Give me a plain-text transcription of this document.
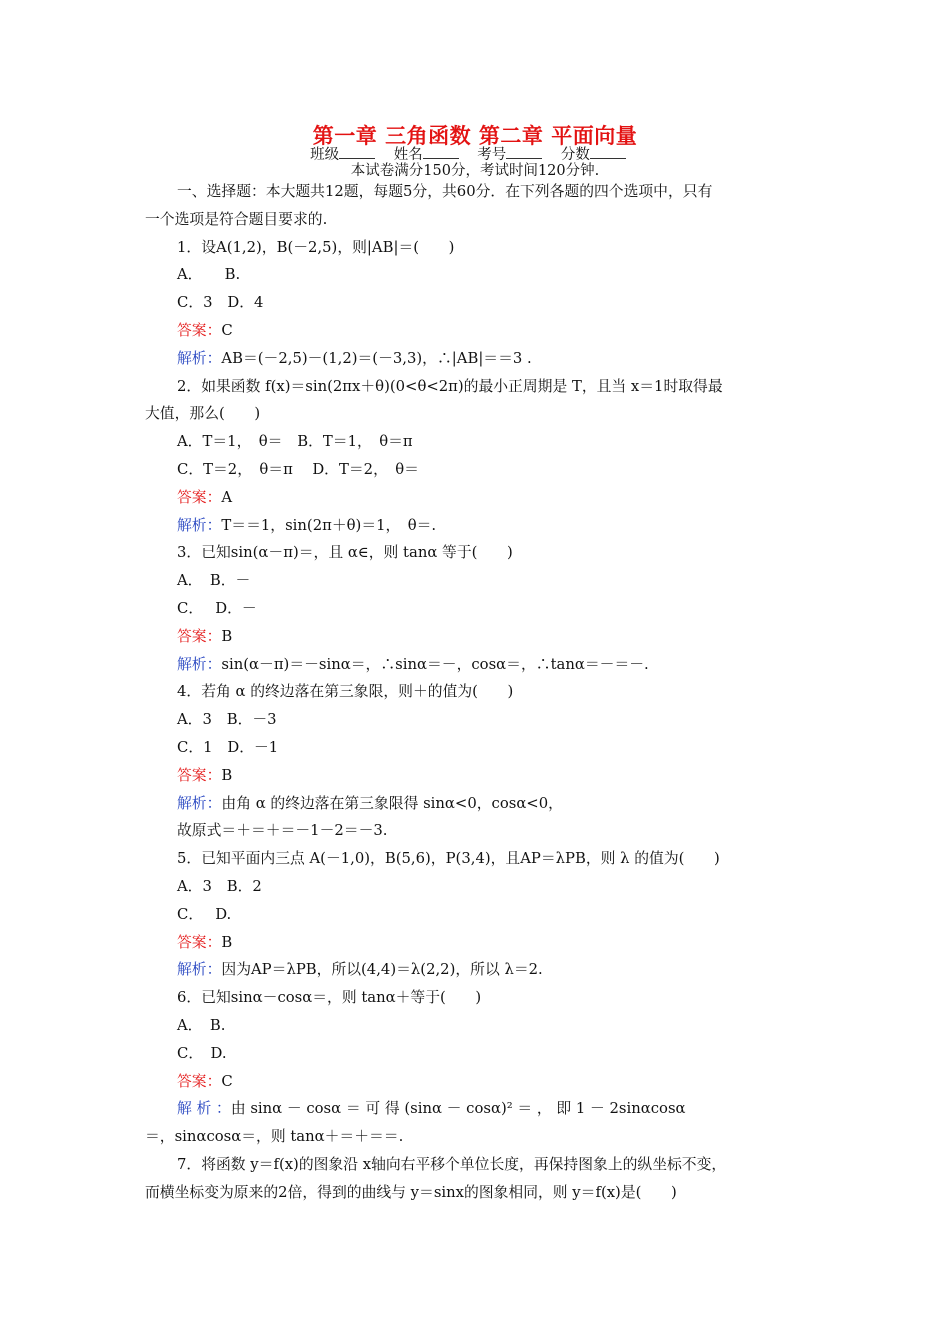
第一章 三角函数 第二章 平面向量
班级	姓名	考号	分数
本试卷满分150分，考试时间120分钟.
一、选择题：本大题共12题，每题5分，共60分．在下列各题的四个选项中，只有
一个选项是符合题目要求的.
1．设A(1,2)，B(－2,5)，则|AB|＝(　　)
A．　　B.
C．3　D．4
答案：C
解析：AB＝(－2,5)－(1,2)＝(－3,3)，∴|AB|＝＝3 .
2．如果函数 f(x)＝sin(2πx＋θ)(0<θ<2π)的最小正周期是 T，且当 x＝1时取得最
大值，那么(　　)
A．T＝1，　θ＝　B．T＝1，　θ＝π
C．T＝2，　θ＝π　 D．T＝2，　θ＝
答案：A
解析：T＝＝1，sin(2π＋θ)＝1，　θ＝.
3．已知sin(α－π)＝，且 α∈，则 tanα 等于(　　)
A．　B．－
C．　 D．－
答案：B
解析：sin(α－π)＝－sinα＝，∴sinα＝－，cosα＝，∴tanα＝－＝－.
4．若角 α 的终边落在第三象限，则＋的值为(　　)
A．3　B．－3
C．1　D．－1
答案：B
解析：由角 α 的终边落在第三象限得 sinα<0，cosα<0，
故原式＝＋＝＋＝－1－2＝－3.
5．已知平面内三点 A(－1,0)，B(5,6)，P(3,4)，且AP＝λPB，则 λ 的值为(　　)
A．3　B．2
C．　 D.
答案：B
解析：因为AP＝λPB，所以(4,4)＝λ(2,2)，所以 λ＝2.
6．已知sinα－cosα＝，则 tanα＋等于(　　)
A．　B.
C．　D.
答案：C
解 析 ：由 sinα － cosα ＝ 可 得 (sinα － cosα)² ＝ ， 即 1 － 2sinαcosα
＝，sinαcosα＝，则 tanα＋＝＋＝＝.
7．将函数 y＝f(x)的图象沿 x轴向右平移个单位长度，再保持图象上的纵坐标不变，
而横坐标变为原来的2倍，得到的曲线与 y＝sinx的图象相同，则 y＝f(x)是(　　)
